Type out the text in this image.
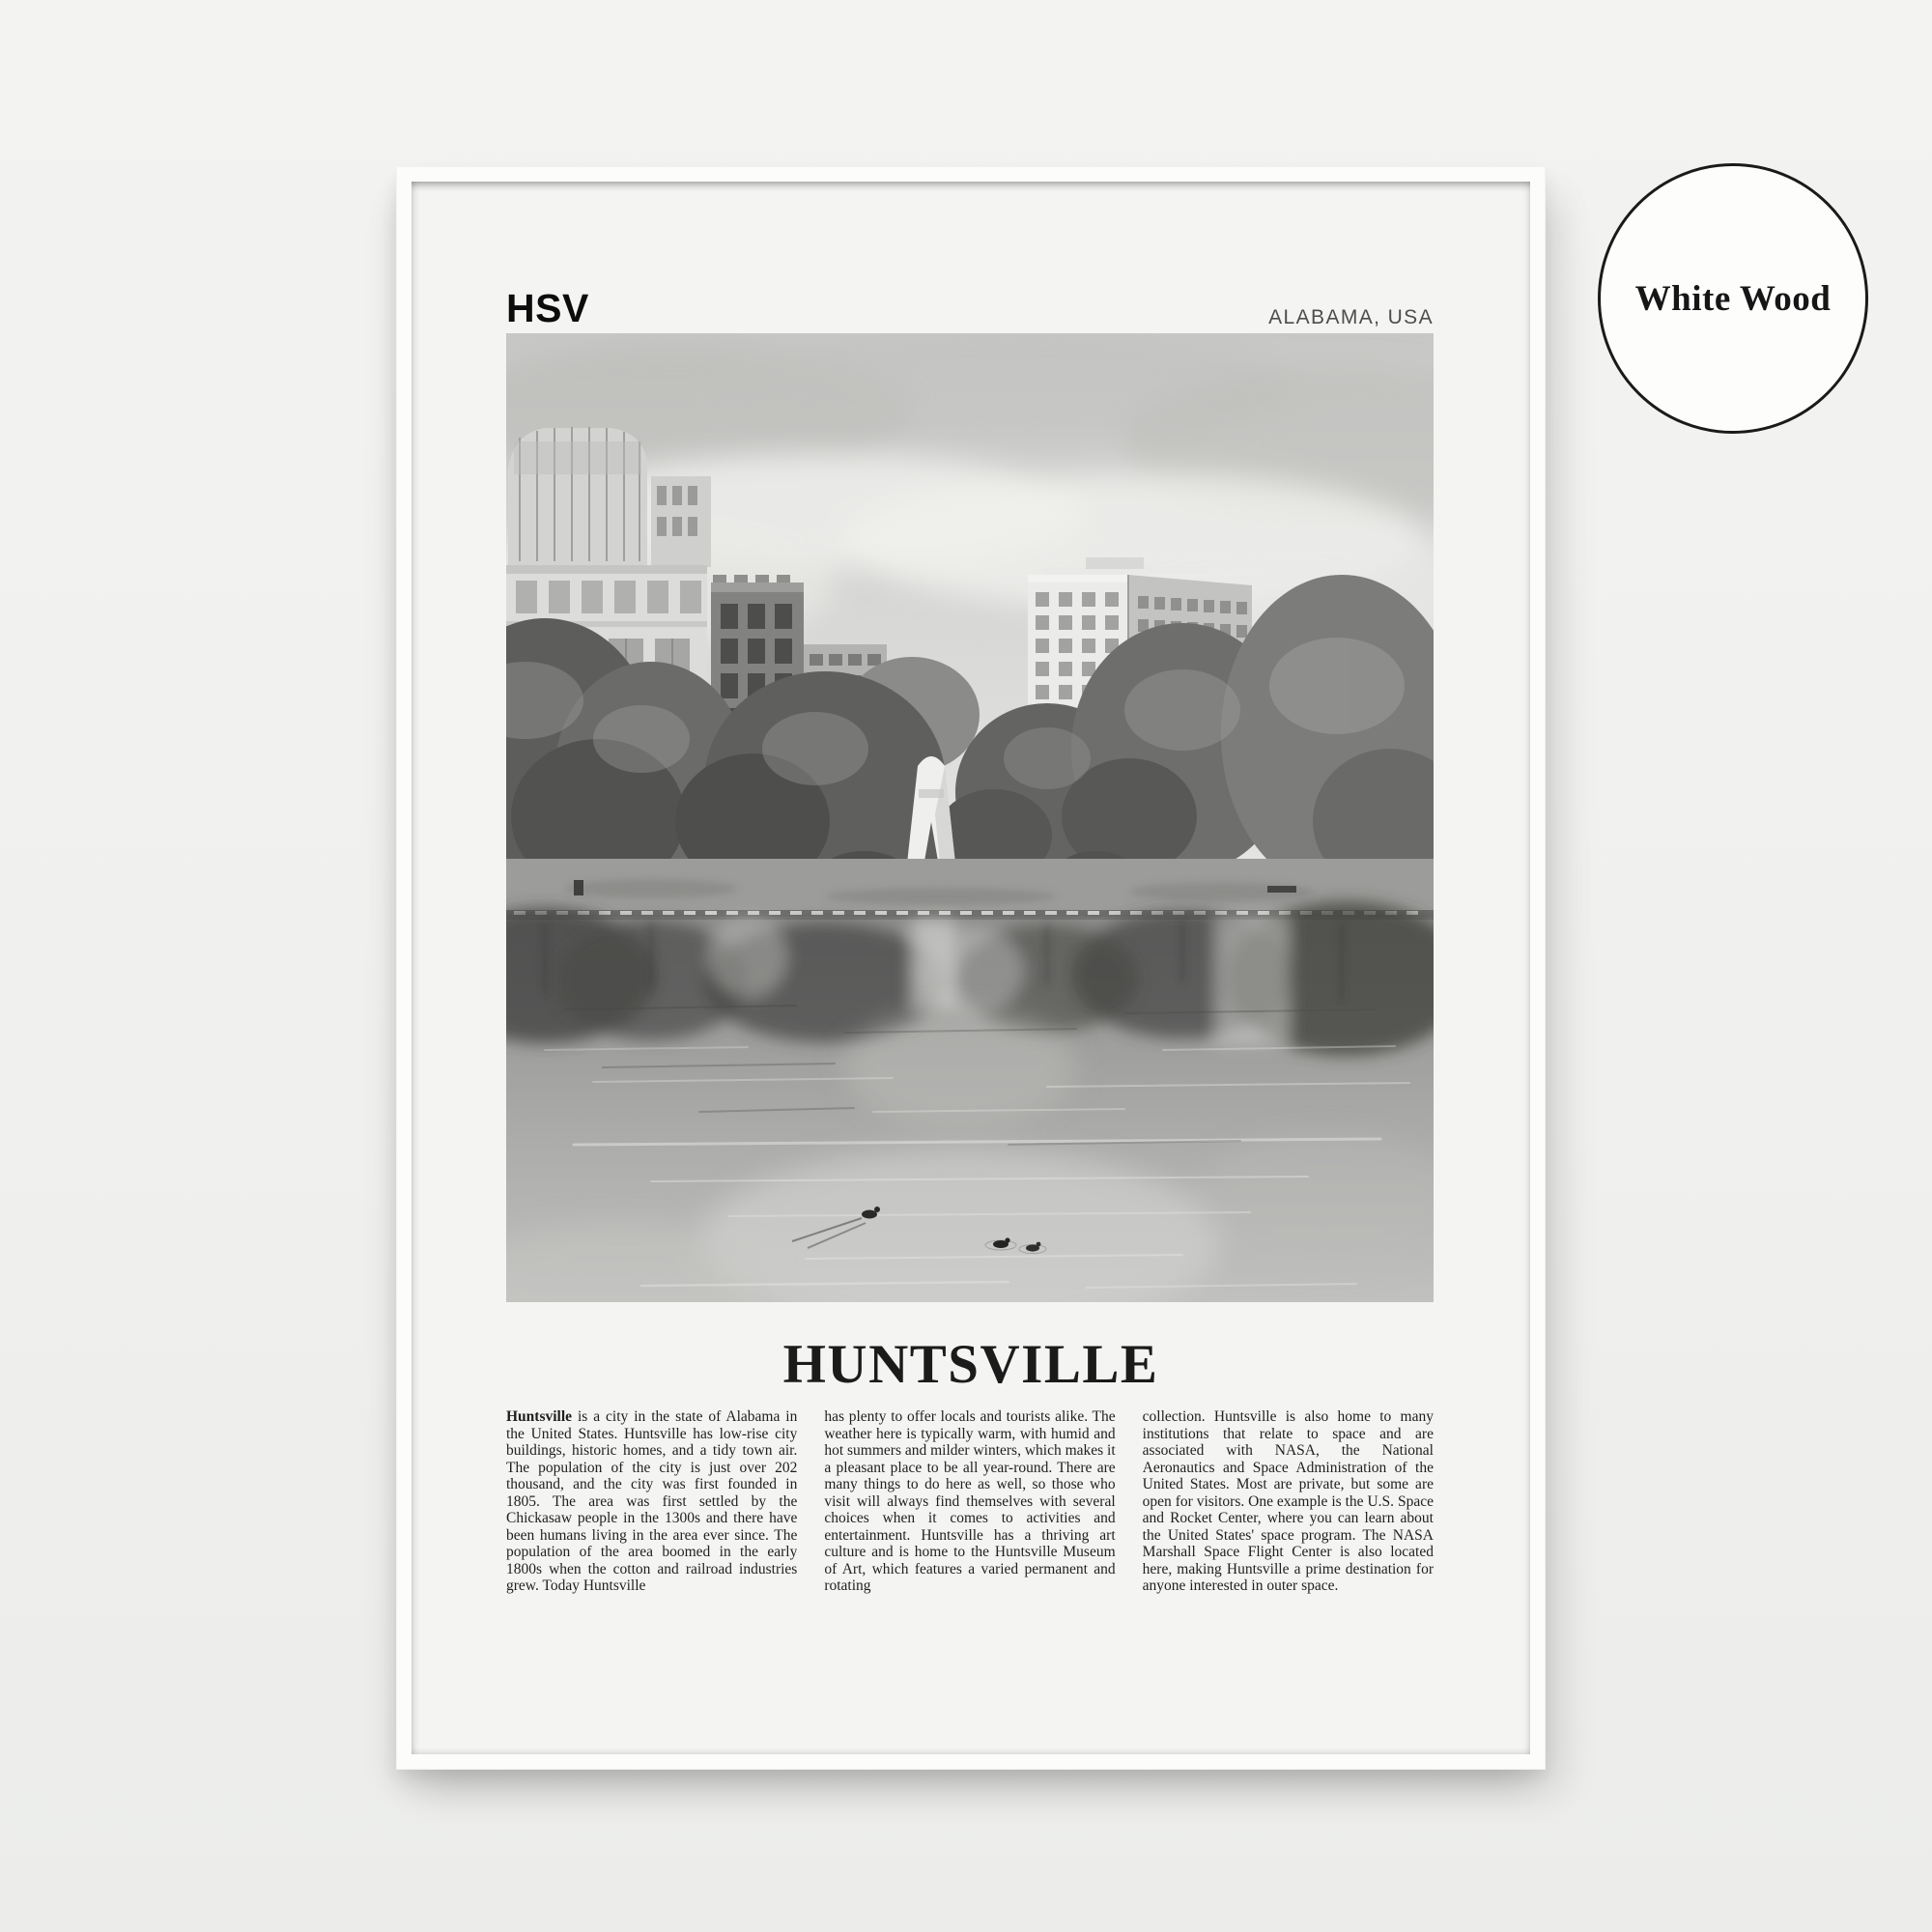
HSV	ALABAMA, USA
HUNTSVILLE
Huntsville is a city in the state of Alabama in the United States. Huntsville has low-rise city buildings, historic homes, and a tidy town air. The population of the city is just over 202 thousand, and the city was first founded in 1805. The area was first settled by the Chickasaw people in the 1300s and there have been humans living in the area ever since. The population of the area boomed in the early 1800s when the cotton and railroad industries grew. Today Huntsville
has plenty to offer locals and tourists alike. The weather here is typically warm, with humid and hot summers and milder winters, which makes it a pleasant place to be all year-round. There are many things to do here as well, so those who visit will always find themselves with several choices when it comes to activities and entertainment. Huntsville has a thriving art culture and is home to the Huntsville Museum of Art, which features a varied permanent and rotating
collection. Huntsville is also home to many institutions that relate to space and are associated with NASA, the National Aeronautics and Space Administration of the United States. Most are private, but some are open for visitors. One example is the U.S. Space and Rocket Center, where you can learn about the United States' space program. The NASA Marshall Space Flight Center is also located here, making Huntsville a prime destination for anyone interested in outer space.
White Wood
